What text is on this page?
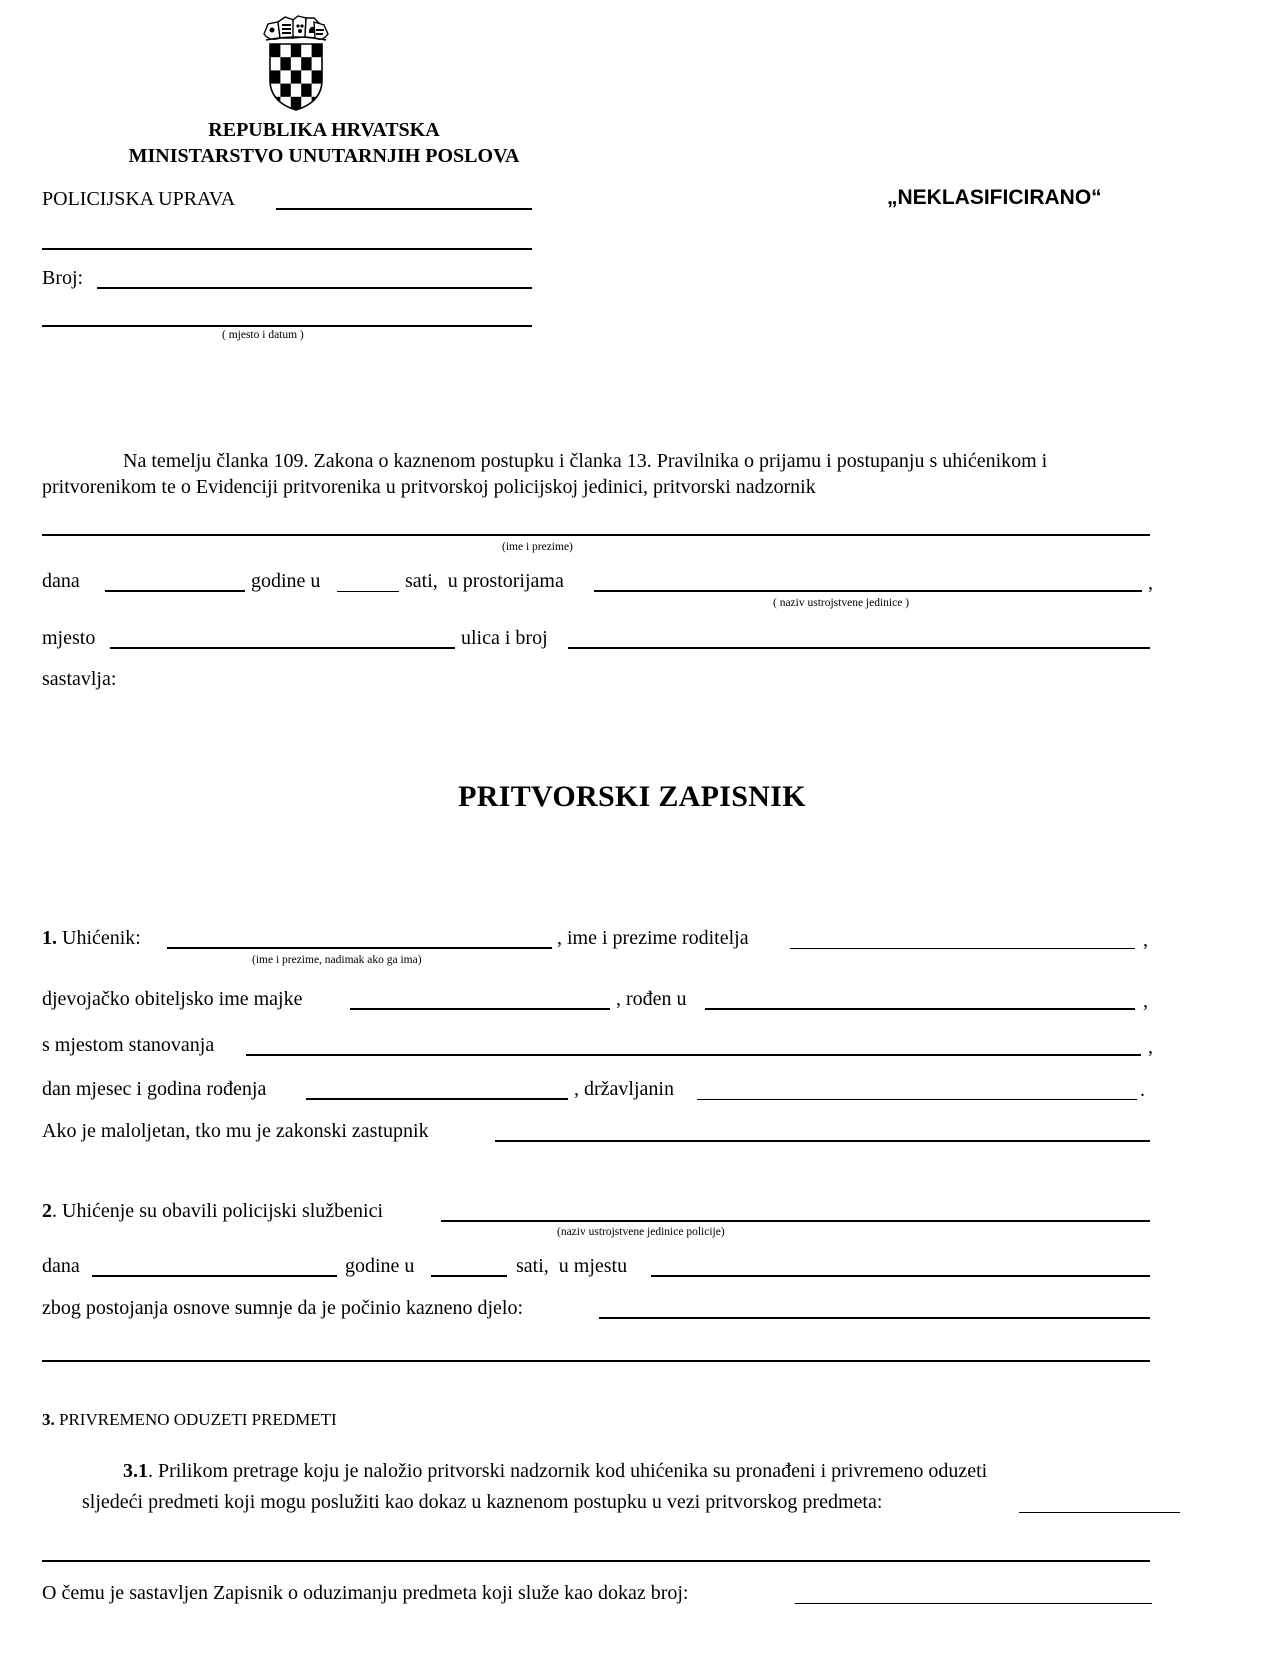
REPUBLIKA HRVATSKA
MINISTARSTVO UNUTARNJIH POSLOVA
„NEKLASIFICIRANO“
POLICIJSKA UPRAVA
Broj:
( mjesto i datum )
Na temelju članka 109. Zakona o kaznenom postupku i članka 13. Pravilnika o prijamu i postupanju s uhićenikom i
pritvorenikom te o Evidenciji pritvorenika u pritvorskoj policijskoj jedinici, pritvorski nadzornik
(ime i prezime)
dana	godine u	sati,  u prostorijama	,
( naziv ustrojstvene jedinice )
mjesto	ulica i broj
sastavlja:
PRITVORSKI ZAPISNIK
1. Uhićenik:
(ime i prezime, nadimak ako ga ima)
, ime i prezime roditelja	,
djevojačko obiteljsko ime majke	, rođen u	,
s mjestom stanovanja	,
dan mjesec i godina rođenja	, državljanin	.
Ako je maloljetan, tko mu je zakonski zastupnik
2. Uhićenje su obavili policijski službenici
(naziv ustrojstvene jedinice policije)
dana	godine u	sati,  u mjestu
zbog postojanja osnove sumnje da je počinio kazneno djelo:
3. PRIVREMENO ODUZETI PREDMETI
3.1. Prilikom pretrage koju je naložio pritvorski nadzornik kod uhićenika su pronađeni i privremeno oduzeti
sljedeći predmeti koji mogu poslužiti kao dokaz u kaznenom postupku u vezi pritvorskog predmeta:
O čemu je sastavljen Zapisnik o oduzimanju predmeta koji služe kao dokaz broj:
